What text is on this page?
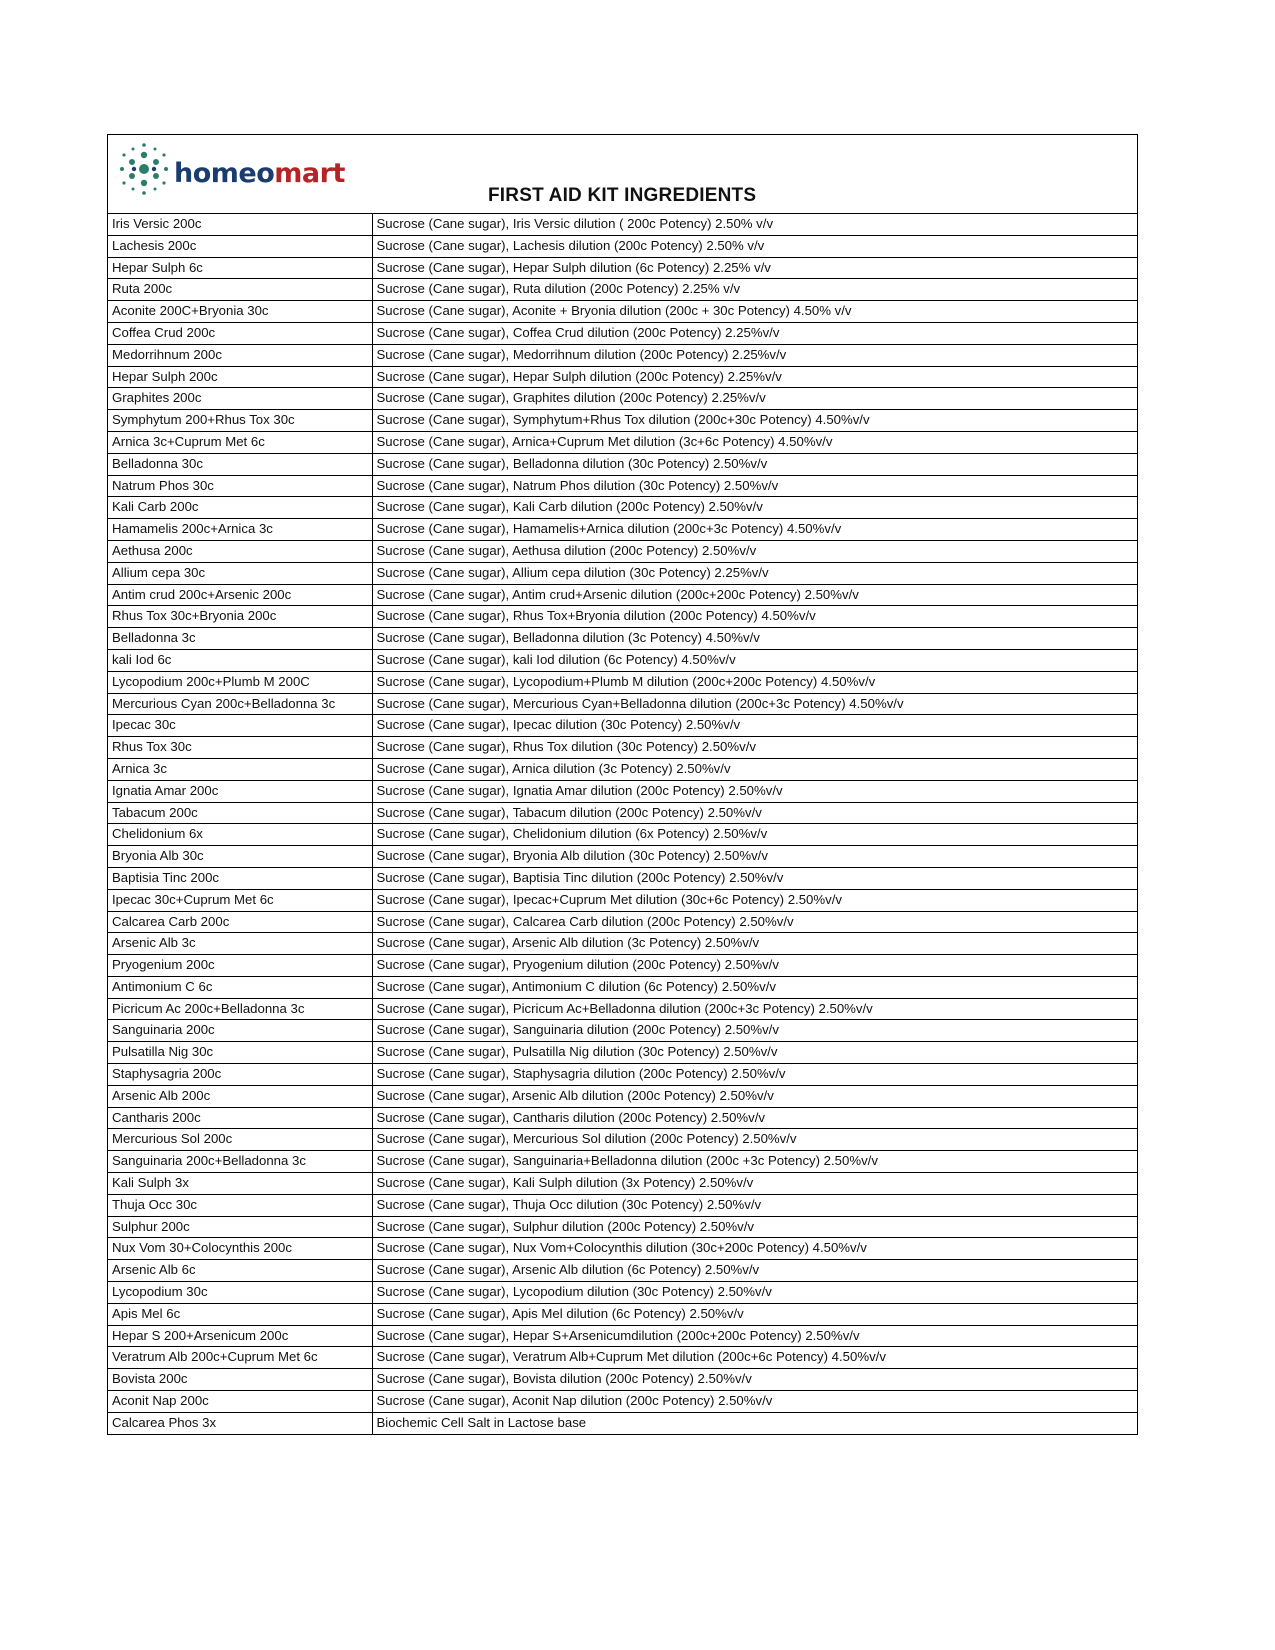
homeomart
FIRST AID KIT INGREDIENTS
Iris Versic 200c	Sucrose (Cane sugar), Iris Versic dilution ( 200c Potency) 2.50% v/v
Lachesis 200c	Sucrose (Cane sugar), Lachesis dilution (200c Potency) 2.50% v/v
Hepar Sulph 6c	Sucrose (Cane sugar), Hepar Sulph dilution (6c Potency) 2.25% v/v
Ruta 200c	Sucrose (Cane sugar), Ruta dilution (200c Potency) 2.25% v/v
Aconite 200C+Bryonia 30c	Sucrose (Cane sugar), Aconite + Bryonia dilution (200c + 30c Potency) 4.50% v/v
Coffea Crud 200c	Sucrose (Cane sugar), Coffea Crud dilution (200c Potency) 2.25%v/v
Medorrihnum 200c	Sucrose (Cane sugar), Medorrihnum dilution (200c Potency) 2.25%v/v
Hepar Sulph 200c	Sucrose (Cane sugar), Hepar Sulph dilution (200c Potency) 2.25%v/v
Graphites 200c	Sucrose (Cane sugar), Graphites dilution (200c Potency) 2.25%v/v
Symphytum 200+Rhus Tox 30c	Sucrose (Cane sugar), Symphytum+Rhus Tox dilution (200c+30c Potency) 4.50%v/v
Arnica 3c+Cuprum Met 6c	Sucrose (Cane sugar), Arnica+Cuprum Met dilution (3c+6c Potency) 4.50%v/v
Belladonna 30c	Sucrose (Cane sugar), Belladonna dilution (30c Potency) 2.50%v/v
Natrum Phos 30c	Sucrose (Cane sugar), Natrum Phos dilution (30c Potency) 2.50%v/v
Kali Carb 200c	Sucrose (Cane sugar), Kali Carb dilution (200c Potency) 2.50%v/v
Hamamelis 200c+Arnica 3c	Sucrose (Cane sugar), Hamamelis+Arnica dilution (200c+3c Potency) 4.50%v/v
Aethusa 200c	Sucrose (Cane sugar), Aethusa dilution (200c Potency) 2.50%v/v
Allium cepa 30c	Sucrose (Cane sugar), Allium cepa dilution (30c Potency) 2.25%v/v
Antim crud 200c+Arsenic 200c	Sucrose (Cane sugar), Antim crud+Arsenic dilution (200c+200c Potency) 2.50%v/v
Rhus Tox 30c+Bryonia 200c	Sucrose (Cane sugar), Rhus Tox+Bryonia dilution (200c Potency) 4.50%v/v
Belladonna 3c	Sucrose (Cane sugar), Belladonna dilution (3c Potency) 4.50%v/v
kali Iod 6c	Sucrose (Cane sugar), kali Iod dilution (6c Potency) 4.50%v/v
Lycopodium 200c+Plumb M 200C	Sucrose (Cane sugar), Lycopodium+Plumb M dilution (200c+200c Potency) 4.50%v/v
Mercurious Cyan 200c+Belladonna 3c	Sucrose (Cane sugar), Mercurious Cyan+Belladonna dilution (200c+3c Potency) 4.50%v/v
Ipecac 30c	Sucrose (Cane sugar), Ipecac dilution (30c Potency) 2.50%v/v
Rhus Tox 30c	Sucrose (Cane sugar), Rhus Tox dilution (30c Potency) 2.50%v/v
Arnica 3c	Sucrose (Cane sugar), Arnica dilution (3c Potency) 2.50%v/v
Ignatia Amar 200c	Sucrose (Cane sugar), Ignatia Amar dilution (200c Potency) 2.50%v/v
Tabacum 200c	Sucrose (Cane sugar), Tabacum dilution (200c Potency) 2.50%v/v
Chelidonium 6x	Sucrose (Cane sugar), Chelidonium dilution (6x Potency) 2.50%v/v
Bryonia Alb 30c	Sucrose (Cane sugar), Bryonia Alb dilution (30c Potency) 2.50%v/v
Baptisia Tinc 200c	Sucrose (Cane sugar), Baptisia Tinc dilution (200c Potency) 2.50%v/v
Ipecac 30c+Cuprum Met 6c	Sucrose (Cane sugar), Ipecac+Cuprum Met dilution (30c+6c Potency) 2.50%v/v
Calcarea Carb 200c	Sucrose (Cane sugar), Calcarea Carb dilution (200c Potency) 2.50%v/v
Arsenic Alb 3c	Sucrose (Cane sugar), Arsenic Alb dilution (3c Potency) 2.50%v/v
Pryogenium 200c	Sucrose (Cane sugar), Pryogenium dilution (200c Potency) 2.50%v/v
Antimonium C 6c	Sucrose (Cane sugar), Antimonium C dilution (6c Potency) 2.50%v/v
Picricum Ac 200c+Belladonna 3c	Sucrose (Cane sugar), Picricum Ac+Belladonna dilution (200c+3c Potency) 2.50%v/v
Sanguinaria 200c	Sucrose (Cane sugar), Sanguinaria dilution (200c Potency) 2.50%v/v
Pulsatilla Nig 30c	Sucrose (Cane sugar), Pulsatilla Nig dilution (30c Potency) 2.50%v/v
Staphysagria 200c	Sucrose (Cane sugar), Staphysagria dilution (200c Potency) 2.50%v/v
Arsenic Alb 200c	Sucrose (Cane sugar), Arsenic Alb dilution (200c Potency) 2.50%v/v
Cantharis 200c	Sucrose (Cane sugar), Cantharis dilution (200c Potency) 2.50%v/v
Mercurious Sol 200c	Sucrose (Cane sugar), Mercurious Sol dilution (200c Potency) 2.50%v/v
Sanguinaria 200c+Belladonna 3c	Sucrose (Cane sugar), Sanguinaria+Belladonna dilution (200c +3c Potency) 2.50%v/v
Kali Sulph 3x	Sucrose (Cane sugar), Kali Sulph dilution (3x Potency) 2.50%v/v
Thuja Occ 30c	Sucrose (Cane sugar), Thuja Occ dilution (30c Potency) 2.50%v/v
Sulphur 200c	Sucrose (Cane sugar), Sulphur dilution (200c Potency) 2.50%v/v
Nux Vom 30+Colocynthis 200c	Sucrose (Cane sugar), Nux Vom+Colocynthis dilution (30c+200c Potency) 4.50%v/v
Arsenic Alb 6c	Sucrose (Cane sugar), Arsenic Alb dilution (6c Potency) 2.50%v/v
Lycopodium 30c	Sucrose (Cane sugar), Lycopodium dilution (30c Potency) 2.50%v/v
Apis Mel 6c	Sucrose (Cane sugar), Apis Mel dilution (6c Potency) 2.50%v/v
Hepar S 200+Arsenicum 200c	Sucrose (Cane sugar), Hepar S+Arsenicumdilution (200c+200c Potency) 2.50%v/v
Veratrum Alb 200c+Cuprum Met 6c	Sucrose (Cane sugar), Veratrum Alb+Cuprum Met dilution (200c+6c Potency) 4.50%v/v
Bovista 200c	Sucrose (Cane sugar), Bovista dilution (200c Potency) 2.50%v/v
Aconit Nap 200c	Sucrose (Cane sugar), Aconit Nap dilution (200c Potency) 2.50%v/v
Calcarea Phos 3x	Biochemic Cell Salt in Lactose base
